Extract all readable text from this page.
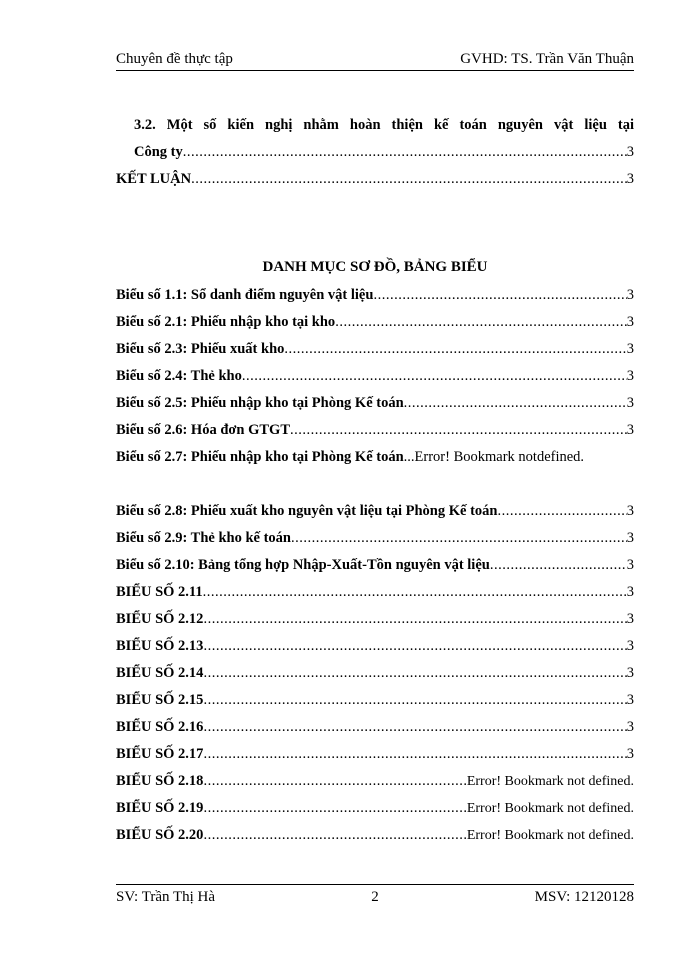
Chuyên đề thực tập	GVHD: TS. Trần Văn Thuận
3.2. Một số kiến nghị nhằm hoàn thiện kế toán nguyên vật liệu tại
Công ty .....	3
KẾT LUẬN .....	3
DANH MỤC SƠ ĐỒ, BẢNG BIỂU
Biểu số 1.1: Sổ danh điểm nguyên vật liệu .....	3
Biểu số 2.1: Phiếu nhập kho tại kho .....	3
Biểu số 2.3: Phiếu xuất kho .....	3
Biểu số 2.4: Thẻ kho .....	3
Biểu số 2.5: Phiếu nhập kho tại Phòng Kế toán .....	3
Biểu số 2.6: Hóa đơn GTGT .....	3
Biểu số 2.7: Phiếu nhập kho tại Phòng Kế toán ...Error! Bookmark not defined.
Biểu số 2.8: Phiếu xuất kho nguyên vật liệu tại Phòng Kế toán .....	3
Biểu số 2.9: Thẻ kho kế toán .....	3
Biểu số 2.10: Bảng tổng hợp Nhập-Xuất-Tồn nguyên vật liệu .....	3
BIỂU SỐ 2.11 .....	3
BIỂU SỐ 2.12 .....	3
BIỂU SỐ 2.13 .....	3
BIỂU SỐ 2.14 .....	3
BIỂU SỐ 2.15 .....	3
BIỂU SỐ 2.16 .....	3
BIỂU SỐ 2.17 .....	3
BIỂU SỐ 2.18 .....	Error! Bookmark not defined.
BIỂU SỐ 2.19 .....	Error! Bookmark not defined.
BIỂU SỐ 2.20 .....	Error! Bookmark not defined.
SV: Trần Thị Hà	2	MSV: 12120128
